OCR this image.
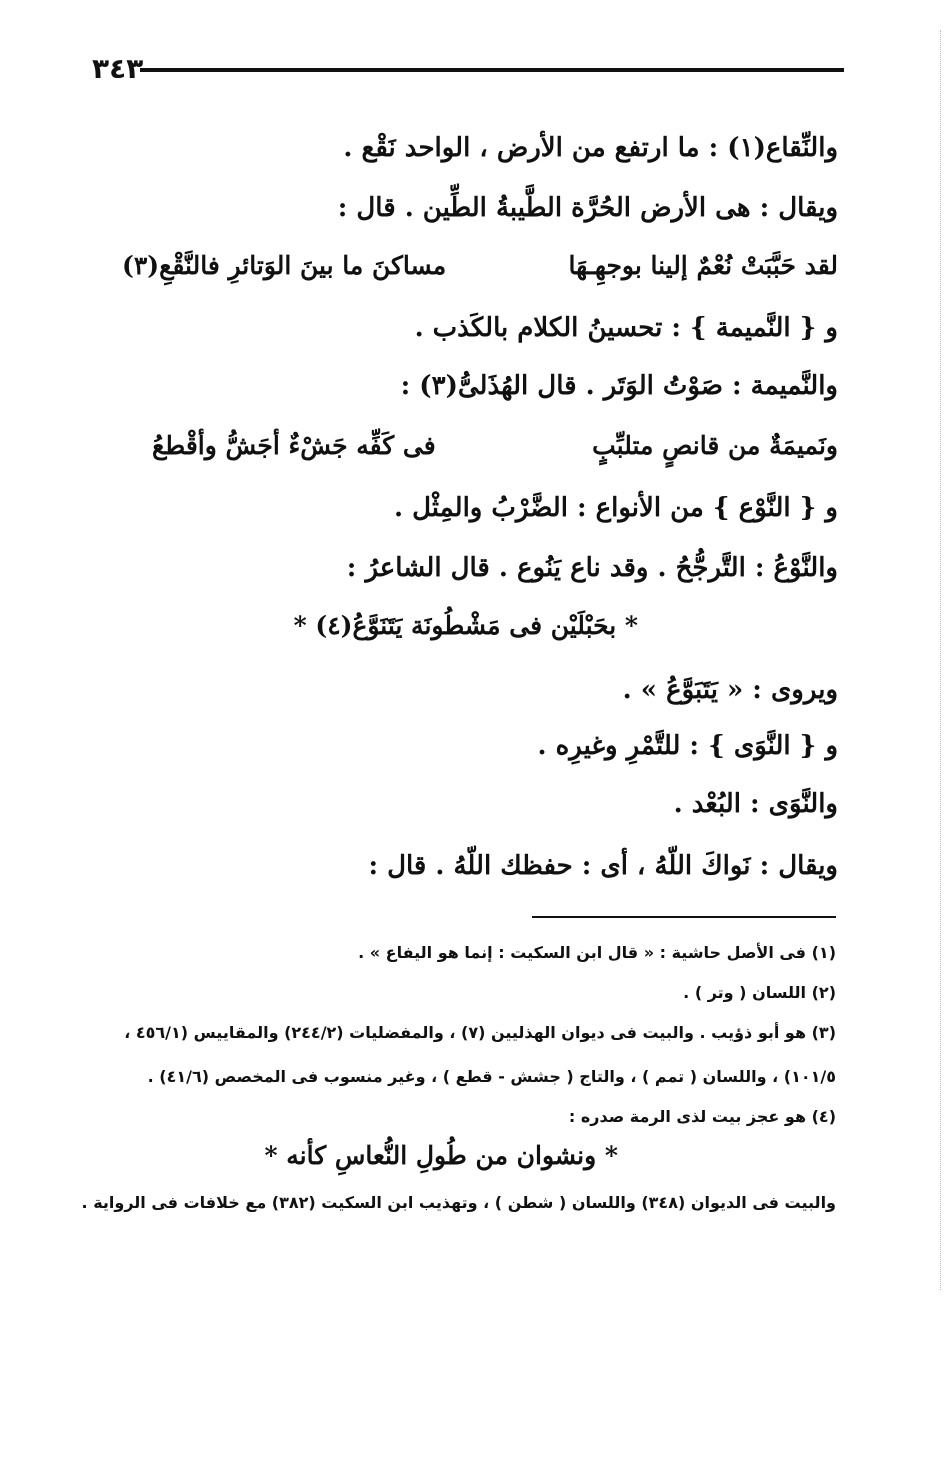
٣٤٣
والنِّقاع(١) : ما ارتفع من الأرض ، الواحد نَقْع .
ويقال : هى الأرض الحُرَّة الطَّيبةُ الطِّين . قال :
لقد حَبَّبَتْ نُعْمٌ إلينا بوجهِـهَا
مساكنَ ما بينَ الوَتائرِ فالنَّقْعِ(٣)
و { النَّميمة } : تحسينُ الكلام بالكَذب .
والنَّميمة : صَوْتُ الوَتَر . قال الهُذَلىُّ(٣) :
ونَميمَةٌ من قانصٍ متلبِّبٍ
فى كَفِّه جَشْءٌ أجَشُّ وأقْطعُ
و { النَّوْع } من الأنواع : الضَّرْبُ والمِثْل .
والنَّوْعُ : التَّرجُّحُ . وقد ناع يَنُوع . قال الشاعرُ :
* بحَبْلَيْن فى مَشْطُونَة يَتَنَوَّعُ(٤) *
ويروى : « يَتَبَوَّعُ » .
و { النَّوَى } : للتَّمْرِ وغيرِه .
والنَّوَى : البُعْد .
ويقال : نَواكَ اللّهُ ، أى : حفظك اللّهُ . قال :
(١) فى الأصل حاشية : « قال ابن السكيت : إنما هو اليفاع » .
(٢) اللسان ( وتر ) .
(٣) هو أبو ذؤيب . والبيت فى ديوان الهذليين (٧) ، والمفضليات (٢٤٤/٢) والمقاييس (٤٥٦/١ ،
١٠١/٥) ، واللسان ( تمم ) ، والتاج ( جشش - قطع ) ، وغير منسوب فى المخصص (٤١/٦) .
(٤) هو عجز بيت لذى الرمة صدره :
* ونشوان من طُولِ النُّعاسِ كأنه *
والبيت فى الديوان (٣٤٨) واللسان ( شطن ) ، وتهذيب ابن السكيت (٣٨٢) مع خلافات فى الرواية .
